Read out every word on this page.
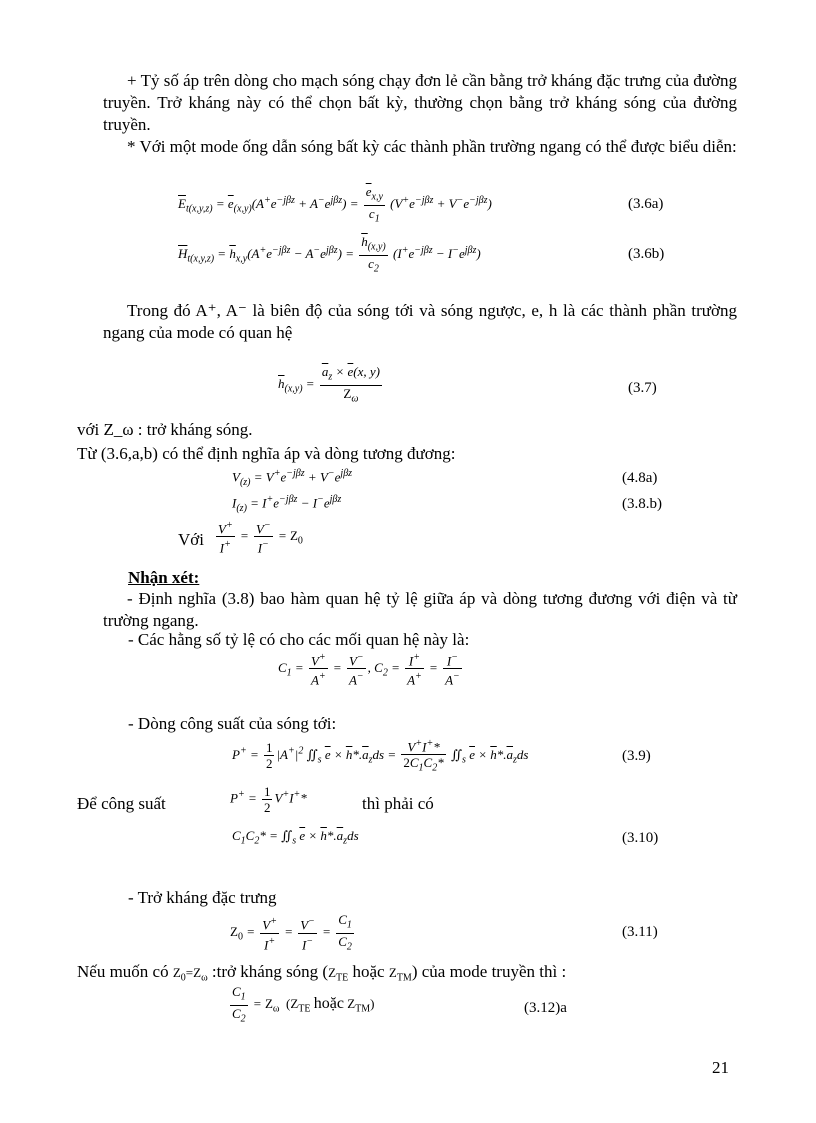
+ Tỷ số áp trên dòng cho mạch sóng chạy đơn lẻ cần bằng trở kháng đặc trưng của đường truyền. Trở kháng này có thể chọn bất kỳ, thường chọn bằng trở kháng sóng của đường truyền.
* Với một mode ống dẫn sóng bất kỳ các thành phần trường ngang có thể được biểu diễn:
$\overline{E}_{t(x,y,z)} = \overline{e}_{(x,y)}(A^+e^{-j\beta z} + A^-e^{j\beta z}) = \frac{\overline{e}_{x,y}}{c_1} (V^+e^{-j\beta z} + V^-e^{-j\beta z})$	(3.6a)
$\overline{H}_{t(x,y,z)} = \overline{h}_{x,y}(A^+e^{-j\beta z} - A^-e^{j\beta z}) = \frac{\overline{h}_{(x,y)}}{c_2} (I^+e^{-j\beta z} - I^-e^{j\beta z})$	(3.6b)
Trong đó A⁺, A⁻ là biên độ của sóng tới và sóng ngược, e, h là các thành phần trường ngang của mode có quan hệ
$\overline{h}_{(x,y)} = \frac{\overline{a}_z \times \overline{e}(x, y)}{Z_\omega}$	(3.7)
với Z_ω : trở kháng sóng.
Từ (3.6,a,b) có thể định nghĩa áp và dòng tương đương:
$V_{(z)} = V^+e^{-j\beta z} + V^-e^{j\beta z}$	(4.8a)
$I_{(z)} = I^+e^{-j\beta z} - I^-e^{j\beta z}$	(3.8.b)
Với $\frac{V^+}{I^+} = \frac{V^-}{I^-} = Z_0$
Nhận xét:
- Định nghĩa (3.8) bao hàm quan hệ tỷ lệ giữa áp và dòng tương đương với điện và từ trường ngang.
- Các hằng số tỷ lệ có cho các mối quan hệ này là:
$C_1 = \frac{V^+}{A^+} = \frac{V^-}{A^-}$ , $C_2 = \frac{I^+}{A^+} = \frac{I^-}{A^-}$
- Dòng công suất của sóng tới:
$P^+ = \frac{1}{2} |A^+|^2$ $∬_s$ $\overline{e} \times \overline{h}*.\overline{a}_zds = \frac{V^+I^+*}{2C_1C_2*}$ $∬_s$ $\overline{e} \times \overline{h}*.\overline{a}_zds$	(3.9)
Để công suất	$P^+ = \frac{1}{2} V^+I^+*$	thì phải có
$C_1C_2*$ = $∬_s$ $\overline{e} \times \overline{h}*.\overline{a}_zds$	(3.10)
- Trở kháng đặc trưng
$Z_0 = \frac{V^+}{I^+} = \frac{V^-}{I^-} = \frac{C_1}{C_2}$	(3.11)
Nếu muốn có $Z_0=Z_\omega$ :trở kháng sóng ($Z_{TE}$ hoặc $Z_{TM}$) của mode truyền thì :
$\frac{C_1}{C_2} = Z_\omega$  ($Z_{TE}$ hoặc $Z_{TM}$)	(3.12)a
21
